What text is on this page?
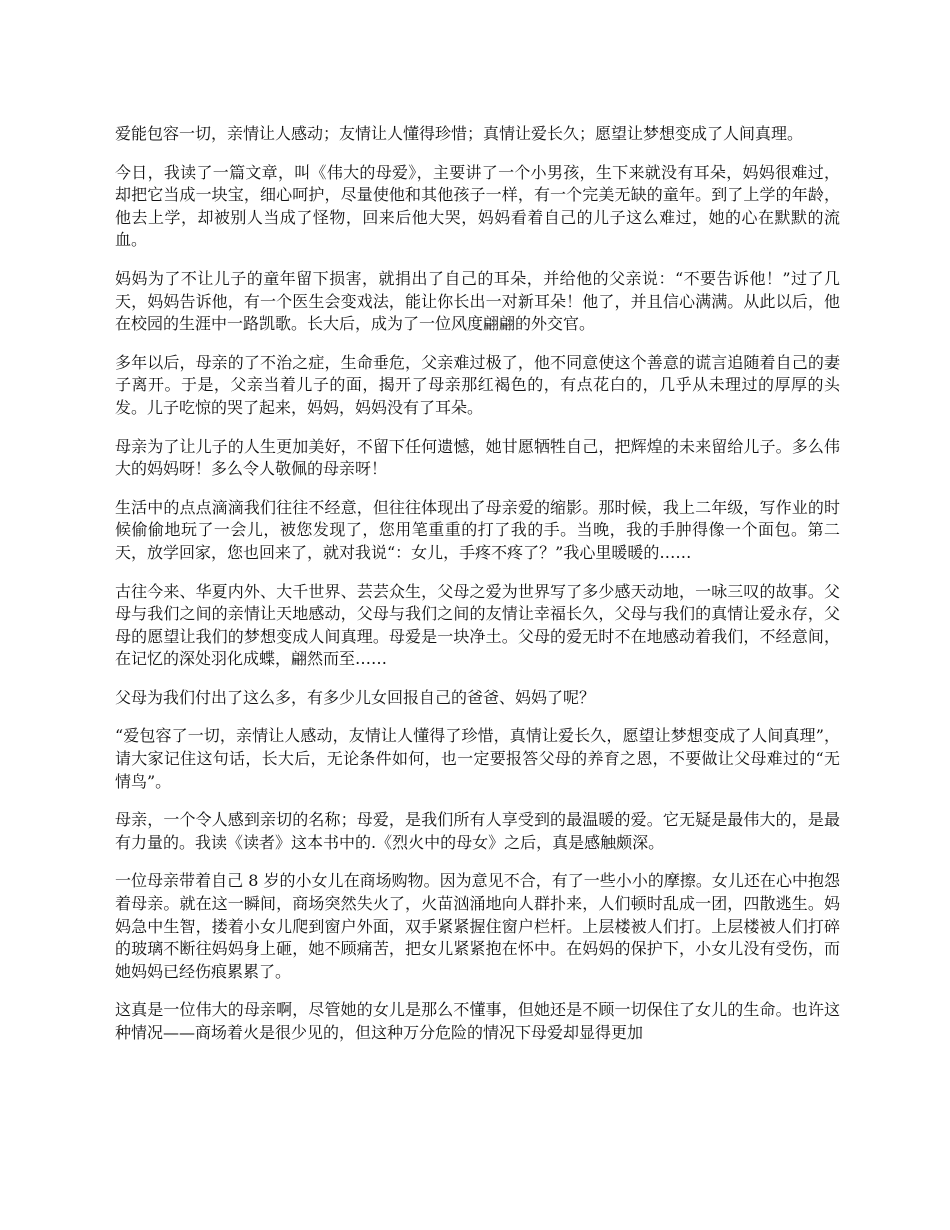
爱能包容一切，亲情让人感动；友情让人懂得珍惜；真情让爱长久；愿望让梦想变成了人间真理。

今日，我读了一篇文章，叫《伟大的母爱》，主要讲了一个小男孩，生下来就没有耳朵，妈妈很难过，却把它当成一块宝，细心呵护，尽量使他和其他孩子一样，有一个完美无缺的童年。到了上学的年龄，他去上学，却被别人当成了怪物，回来后他大哭，妈妈看着自己的儿子这么难过，她的心在默默的流血。

妈妈为了不让儿子的童年留下损害，就捐出了自己的耳朵，并给他的父亲说：“不要告诉他！”过了几天，妈妈告诉他，有一个医生会变戏法，能让你长出一对新耳朵！他了，并且信心满满。从此以后，他在校园的生涯中一路凯歌。长大后，成为了一位风度翩翩的外交官。

多年以后，母亲的了不治之症，生命垂危，父亲难过极了，他不同意使这个善意的谎言追随着自己的妻子离开。于是，父亲当着儿子的面，揭开了母亲那红褐色的，有点花白的，几乎从未理过的厚厚的头发。儿子吃惊的哭了起来，妈妈，妈妈没有了耳朵。

母亲为了让儿子的人生更加美好，不留下任何遗憾，她甘愿牺牲自己，把辉煌的未来留给儿子。多么伟大的妈妈呀！多么令人敬佩的母亲呀！

生活中的点点滴滴我们往往不经意，但往往体现出了母亲爱的缩影。那时候，我上二年级，写作业的时候偷偷地玩了一会儿，被您发现了，您用笔重重的打了我的手。当晚，我的手肿得像一个面包。第二天，放学回家，您也回来了，就对我说“：女儿，手疼不疼了？”我心里暖暖的……

古往今来、华夏内外、大千世界、芸芸众生，父母之爱为世界写了多少感天动地，一咏三叹的故事。父母与我们之间的亲情让天地感动，父母与我们之间的友情让幸福长久，父母与我们的真情让爱永存，父母的愿望让我们的梦想变成人间真理。母爱是一块净土。父母的爱无时不在地感动着我们，不经意间，在记忆的深处羽化成蝶，翩然而至……

父母为我们付出了这么多，有多少儿女回报自己的爸爸、妈妈了呢？

“爱包容了一切，亲情让人感动，友情让人懂得了珍惜，真情让爱长久，愿望让梦想变成了人间真理”，请大家记住这句话，长大后，无论条件如何，也一定要报答父母的养育之恩，不要做让父母难过的“无情鸟”。

母亲，一个令人感到亲切的名称；母爱，是我们所有人享受到的最温暖的爱。它无疑是最伟大的，是最有力量的。我读《读者》这本书中的.《烈火中的母女》之后，真是感触颇深。

一位母亲带着自己 8 岁的小女儿在商场购物。因为意见不合，有了一些小小的摩擦。女儿还在心中抱怨着母亲。就在这一瞬间，商场突然失火了，火苗汹涌地向人群扑来，人们顿时乱成一团，四散逃生。妈妈急中生智，搂着小女儿爬到窗户外面，双手紧紧握住窗户栏杆。上层楼被人们打。上层楼被人们打碎的玻璃不断往妈妈身上砸，她不顾痛苦，把女儿紧紧抱在怀中。在妈妈的保护下，小女儿没有受伤，而她妈妈已经伤痕累累了。

这真是一位伟大的母亲啊，尽管她的女儿是那么不懂事，但她还是不顾一切保住了女儿的生命。也许这种情况——商场着火是很少见的，但这种万分危险的情况下母爱却显得更加
